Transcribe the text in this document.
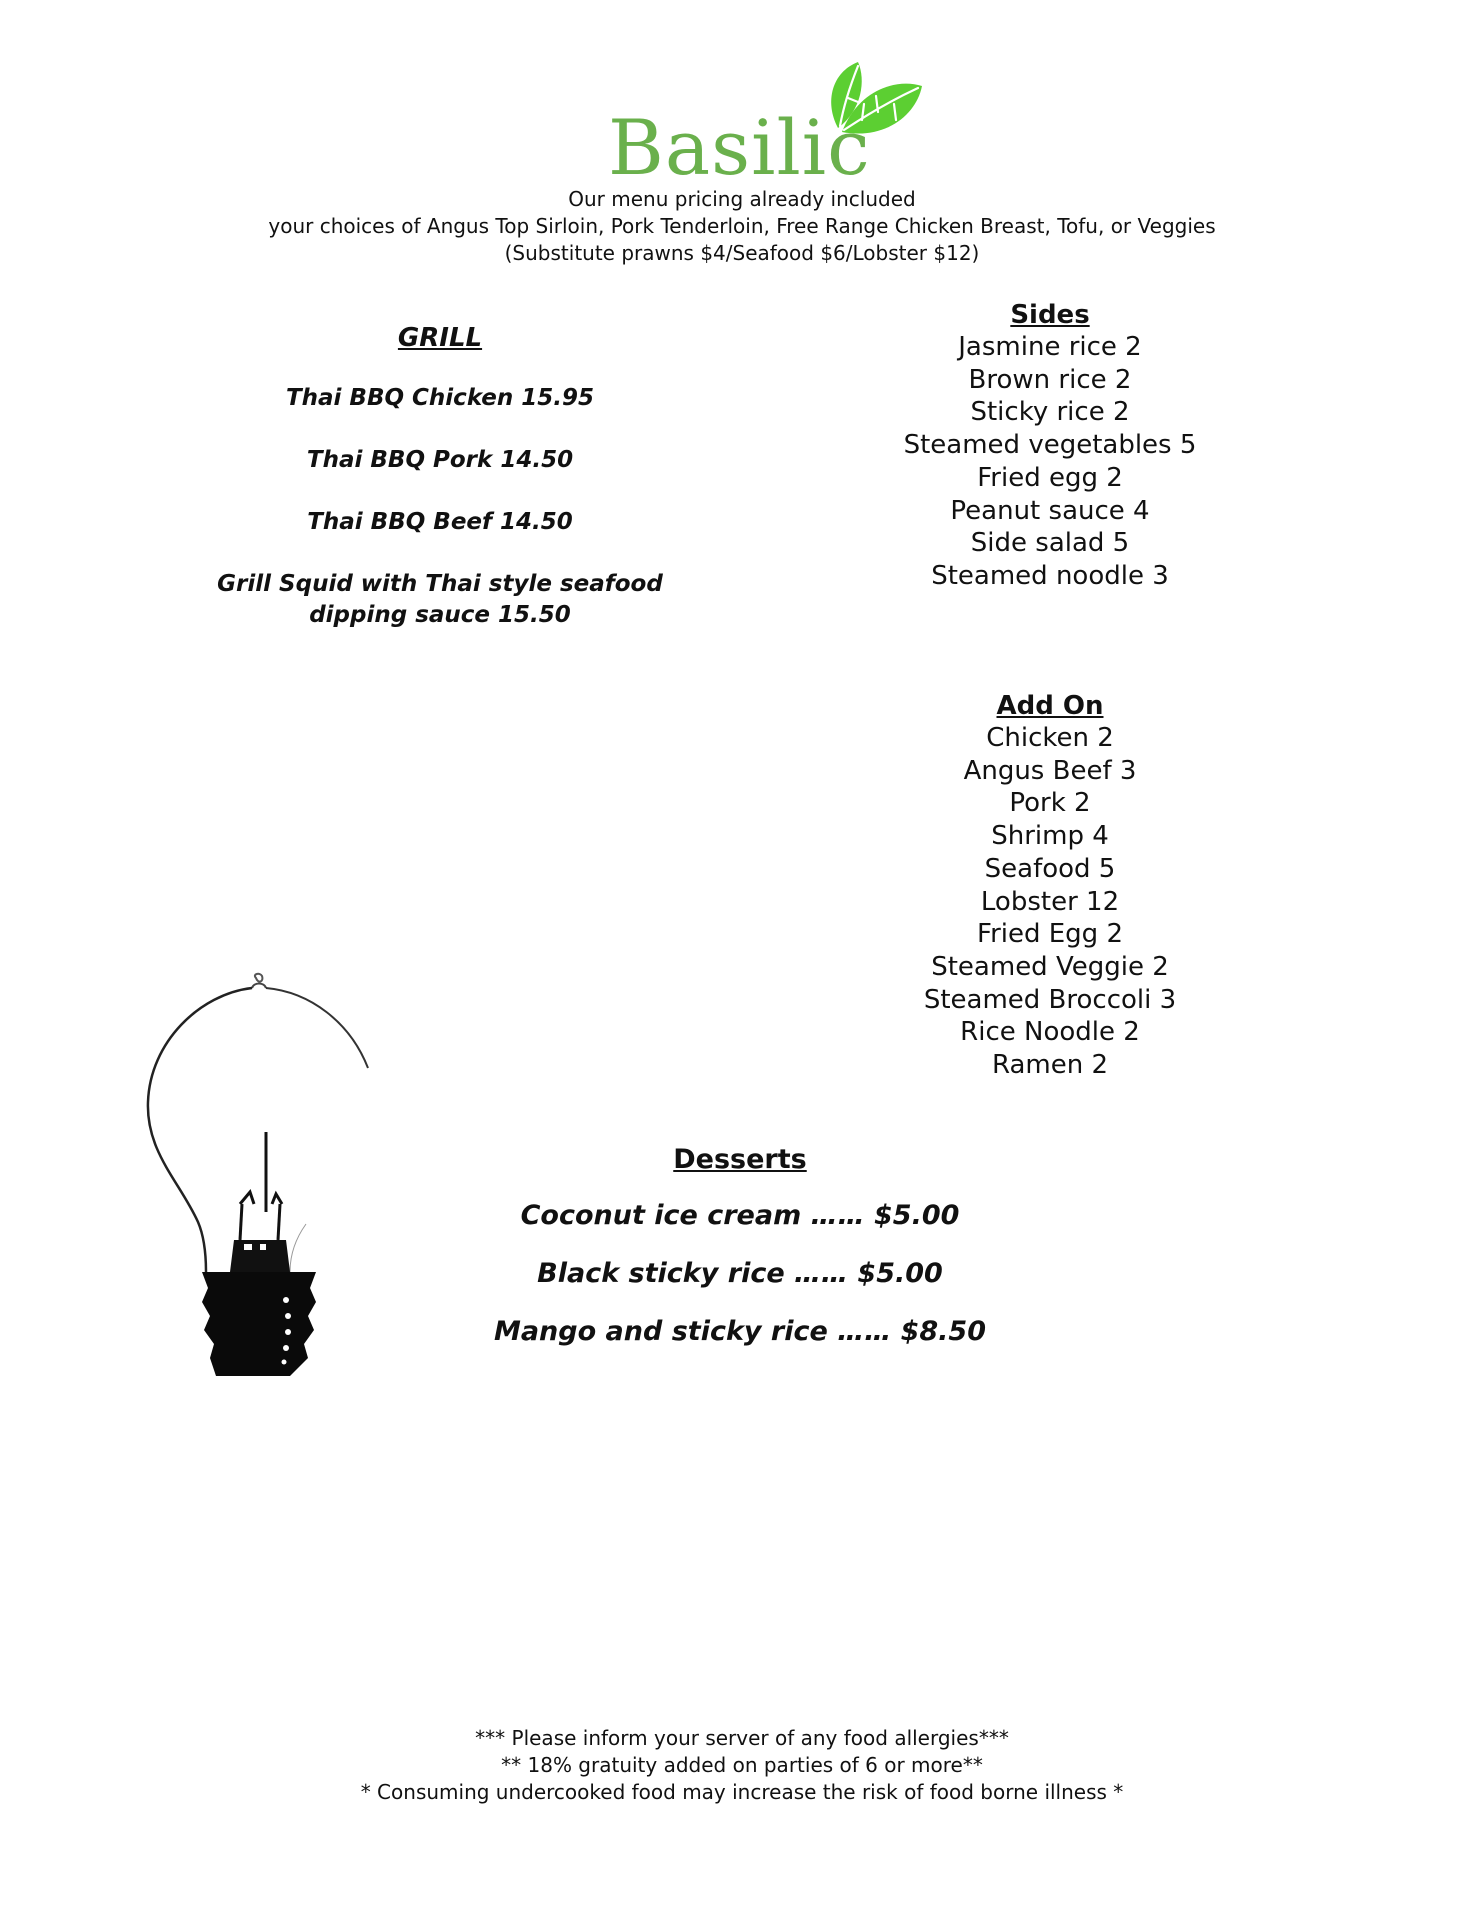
Basilic
Our menu pricing already included
your choices of Angus Top Sirloin, Pork Tenderloin, Free Range Chicken Breast, Tofu, or Veggies
(Substitute prawns $4/Seafood $6/Lobster $12)
GRILL
Thai BBQ Chicken 15.95
Thai BBQ Pork 14.50
Thai BBQ Beef 14.50
Grill Squid with Thai style seafood dipping sauce 15.50
Sides
Jasmine rice 2
Brown rice 2
Sticky rice 2
Steamed vegetables 5
Fried egg 2
Peanut sauce 4
Side salad 5
Steamed noodle 3
Add On
Chicken 2
Angus Beef 3
Pork 2
Shrimp 4
Seafood 5
Lobster 12
Fried Egg 2
Steamed Veggie 2
Steamed Broccoli 3
Rice Noodle 2
Ramen 2
Desserts
Coconut ice cream …… $5.00
Black sticky rice …… $5.00
Mango and sticky rice …… $8.50
*** Please inform your server of any food allergies***
** 18% gratuity added on parties of 6 or more**
* Consuming undercooked food may increase the risk of food borne illness *
